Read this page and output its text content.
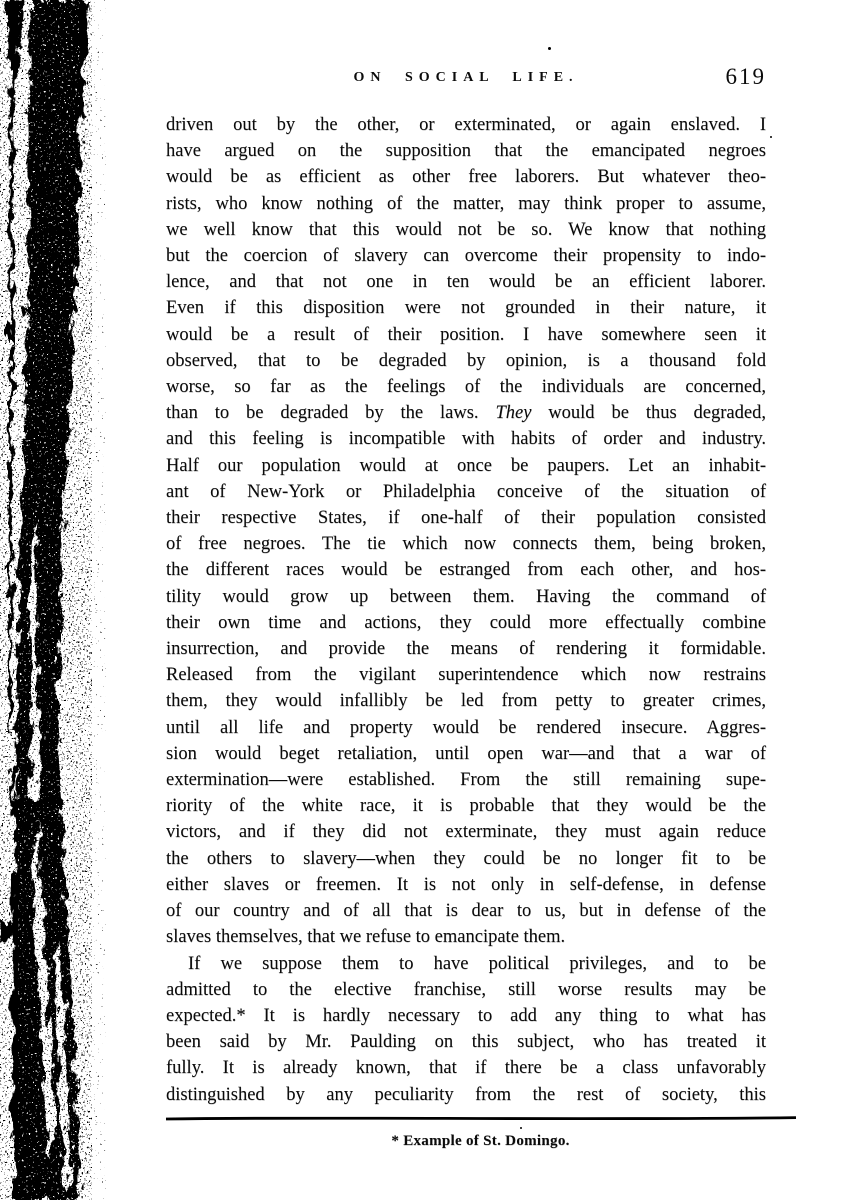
ON SOCIAL LIFE.	619
driven out by the other, or exterminated, or again enslaved. I
have argued on the supposition that the emancipated negroes
would be as efficient as other free laborers. But whatever theo-
rists, who know nothing of the matter, may think proper to assume,
we well know that this would not be so. We know that nothing
but the coercion of slavery can overcome their propensity to indo-
lence, and that not one in ten would be an efficient laborer.
Even if this disposition were not grounded in their nature, it
would be a result of their position. I have somewhere seen it
observed, that to be degraded by opinion, is a thousand fold
worse, so far as the feelings of the individuals are concerned,
than to be degraded by the laws. They would be thus degraded,
and this feeling is incompatible with habits of order and industry.
Half our population would at once be paupers. Let an inhabit-
ant of New-York or Philadelphia conceive of the situation of
their respective States, if one-half of their population consisted
of free negroes. The tie which now connects them, being broken,
the different races would be estranged from each other, and hos-
tility would grow up between them. Having the command of
their own time and actions, they could more effectually combine
insurrection, and provide the means of rendering it formidable.
Released from the vigilant superintendence which now restrains
them, they would infallibly be led from petty to greater crimes,
until all life and property would be rendered insecure. Aggres-
sion would beget retaliation, until open war—and that a war of
extermination—were established. From the still remaining supe-
riority of the white race, it is probable that they would be the
victors, and if they did not exterminate, they must again reduce
the others to slavery—when they could be no longer fit to be
either slaves or freemen. It is not only in self-defense, in defense
of our country and of all that is dear to us, but in defense of the
slaves themselves, that we refuse to emancipate them.
If we suppose them to have political privileges, and to be
admitted to the elective franchise, still worse results may be
expected.* It is hardly necessary to add any thing to what has
been said by Mr. Paulding on this subject, who has treated it
fully. It is already known, that if there be a class unfavorably
distinguished by any peculiarity from the rest of society, this
* Example of St. Domingo.
